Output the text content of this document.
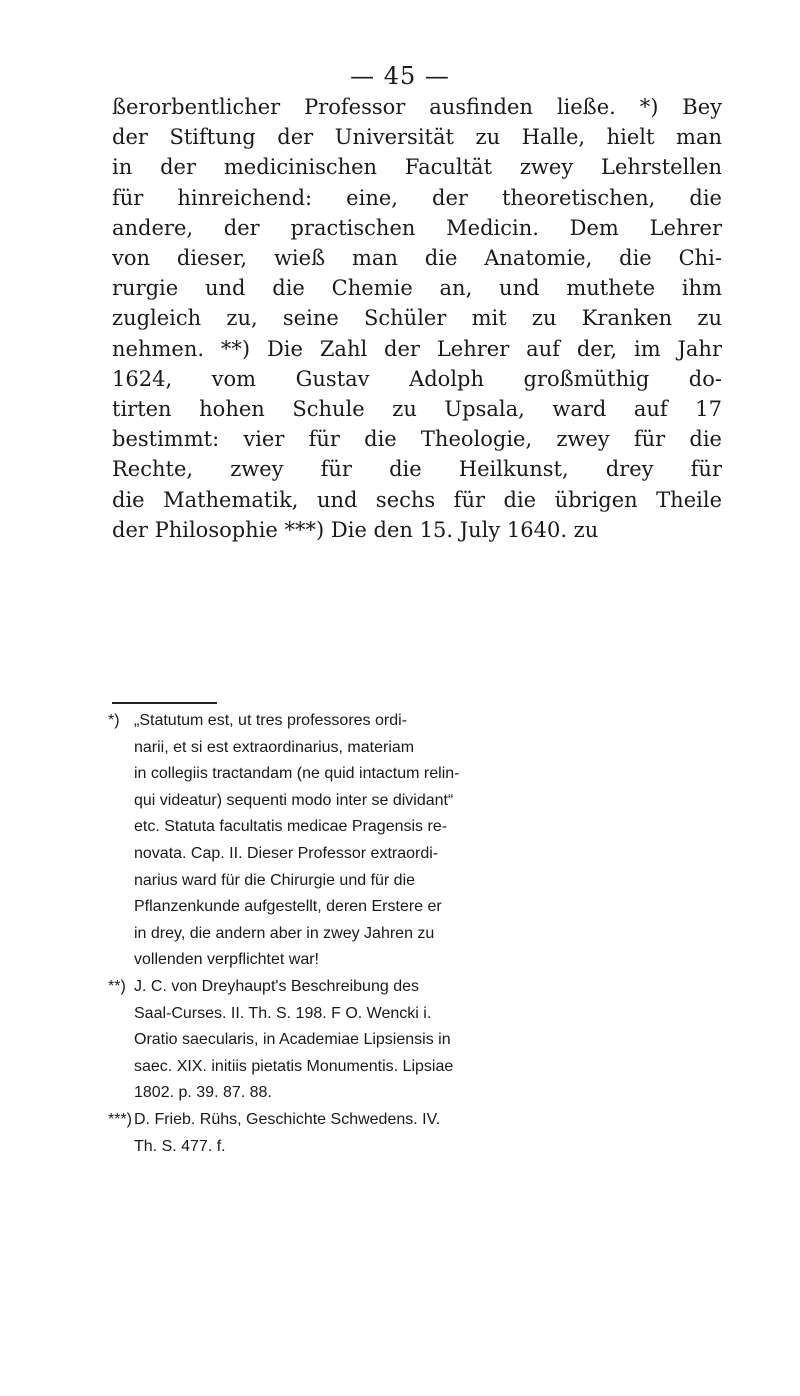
— 45 —
ßerorbentlicher Professor ausfinden ließe. *) Bey
der Stiftung der Universität zu Halle, hielt man
in der medicinischen Facultät zwey Lehrstellen
für hinreichend: eine, der theoretischen, die
andere, der practischen Medicin. Dem Lehrer
von dieser, wieß man die Anatomie, die Chi-
rurgie und die Chemie an, und muthete ihm
zugleich zu, seine Schüler mit zu Kranken zu
nehmen. **) Die Zahl der Lehrer auf der, im Jahr
1624, vom Gustav Adolph großmüthig do-
tirten hohen Schule zu Upsala, ward auf 17
bestimmt: vier für die Theologie, zwey für die
Rechte, zwey für die Heilkunst, drey für
die Mathematik, und sechs für die übrigen Theile
der Philosophie ***) Die den 15. July 1640. zu
*) „Statutum est, ut tres professores ordi-
narii, et si est extraordinarius, materiam
in collegiis tractandam (ne quid intactum relin-
qui videatur) sequenti modo inter se dividant“
etc. Statuta facultatis medicae Pragensis re-
novata. Cap. II. Dieser Professor extraordi-
narius ward für die Chirurgie und für die
Pflanzenkunde aufgestellt, deren Erstere er
in drey, die andern aber in zwey Jahren zu
vollenden verpflichtet war!
**) J. C. von Dreyhaupt's Beschreibung des
Saal-Curses. II. Th. S. 198. F O. Wencki i.
Oratio saecularis, in Academiae Lipsiensis in
saec. XIX. initiis pietatis Monumentis. Lipsiae
1802. p. 39. 87. 88.
***) D. Frieb. Rühs, Geschichte Schwedens. IV.
Th. S. 477. f.
